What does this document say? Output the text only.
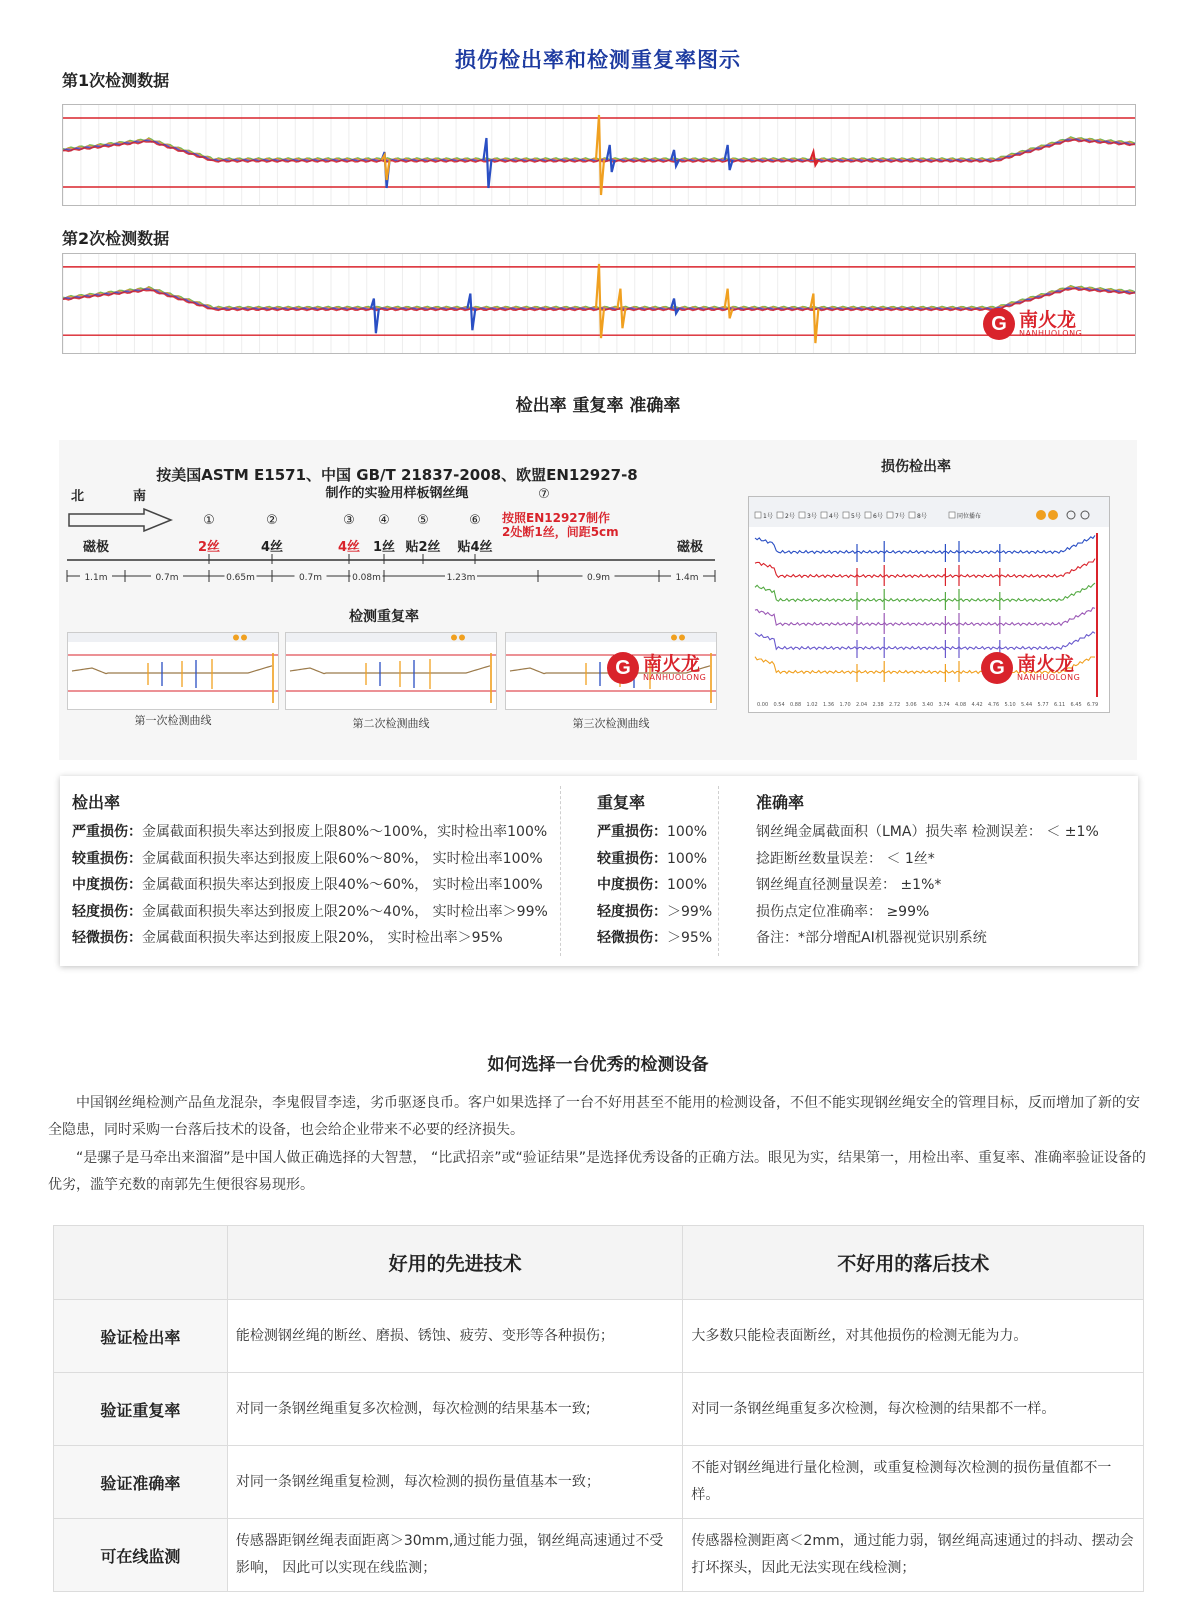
损伤检出率和检测重复率图示
第1次检测数据
第2次检测数据
G 南火龙
NANHUOLONG
检出率 重复率 准确率
按美国ASTM E1571、中国 GB/T 21837-2008、欧盟EN12927-8
制作的实验用样板钢丝绳
北	南
磁极	磁极
①
2丝
②
4丝
③
4丝
④
1丝
⑤
贴2丝
⑥
贴4丝
⑦
按照EN12927制作
2处断1丝，间距5cm
1.1m	0.7m	0.65m	0.7m	0.08m	1.23m	0.9m	1.4m
检测重复率
第一次检测曲线	第二次检测曲线	第三次检测曲线
G 南火龙
NANHUOLONG
损伤检出率
1号 2号 3号 4号 5号 6号 7号 8号	同位播布
0.00 0.54 0.88 1.02 1.36 1.70 2.04 2.38 2.72 3.06 3.40 3.74 4.08 4.42 4.76 5.10 5.44 5.77 6.11 6.45 6.79
G 南火龙
NANHUOLONG
检出率
严重损伤：金属截面积损失率达到报废上限80%～100%，实时检出率100%
较重损伤：金属截面积损失率达到报废上限60%～80%， 实时检出率100%
中度损伤：金属截面积损失率达到报废上限40%～60%， 实时检出率100%
轻度损伤：金属截面积损失率达到报废上限20%～40%， 实时检出率＞99%
轻微损伤：金属截面积损失率达到报废上限20%， 实时检出率＞95%
重复率
严重损伤：100%
较重损伤：100%
中度损伤：100%
轻度损伤：＞99%
轻微损伤：＞95%
准确率
钢丝绳金属截面积（LMA）损失率 检测误差： ＜ ±1%
捻距断丝数量误差： ＜ 1丝*
钢丝绳直径测量误差： ±1%*
损伤点定位准确率： ≥99%
备注：*部分增配AI机器视觉识别系统
如何选择一台优秀的检测设备

中国钢丝绳检测产品鱼龙混杂，李鬼假冒李逵，劣币驱逐良币。客户如果选择了一台不好用甚至不能用的检测设备，不但不能实现钢丝绳安全的管理目标，反而增加了新的安全隐患，同时采购一台落后技术的设备，也会给企业带来不必要的经济损失。

“是骡子是马牵出来溜溜”是中国人做正确选择的大智慧， “比武招亲”或“验证结果”是选择优秀设备的正确方法。眼见为实，结果第一，用检出率、重复率、准确率验证设备的优劣，滥竽充数的南郭先生便很容易现形。

	好用的先进技术	不好用的落后技术
验证检出率	能检测钢丝绳的断丝、磨损、锈蚀、疲劳、变形等各种损伤；	大多数只能检表面断丝，对其他损伤的检测无能为力。
验证重复率	对同一条钢丝绳重复多次检测，每次检测的结果基本一致;	对同一条钢丝绳重复多次检测，每次检测的结果都不一样。
验证准确率	对同一条钢丝绳重复检测，每次检测的损伤量值基本一致；	不能对钢丝绳进行量化检测，或重复检测每次检测的损伤量值都不一样。
可在线监测	传感器距钢丝绳表面距离＞30mm,通过能力强，钢丝绳高速通过不受影响， 因此可以实现在线监测；	传感器检测距离＜2mm，通过能力弱，钢丝绳高速通过的抖动、摆动会 打坏探头，因此无法实现在线检测；
